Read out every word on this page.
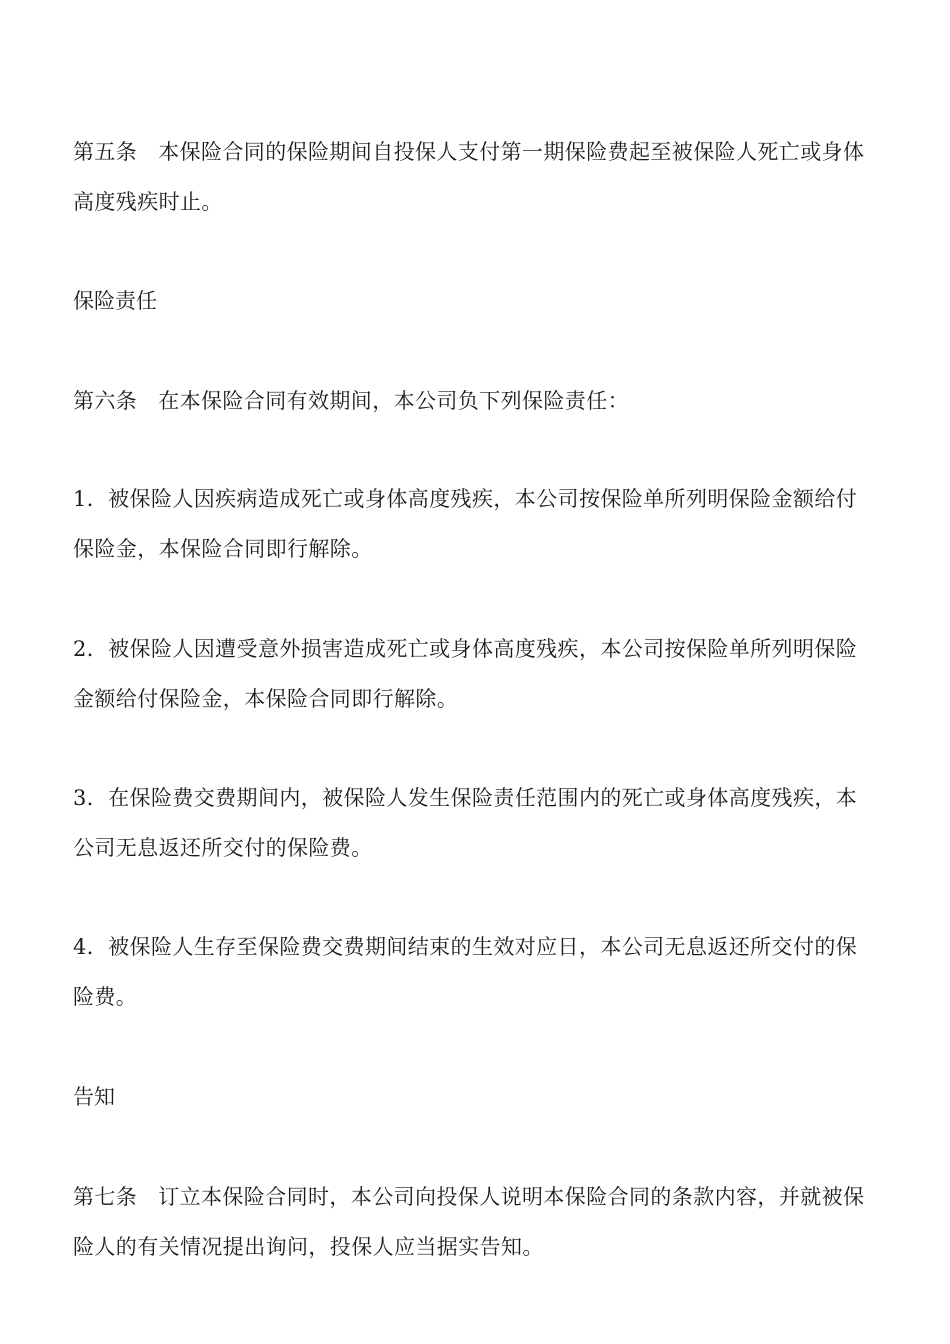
第五条 本保险合同的保险期间自投保人支付第一期保险费起至被保险人死亡或身体高度残疾时止。

保险责任

第六条 在本保险合同有效期间，本公司负下列保险责任：

1．被保险人因疾病造成死亡或身体高度残疾，本公司按保险单所列明保险金额给付保险金，本保险合同即行解除。

2．被保险人因遭受意外损害造成死亡或身体高度残疾，本公司按保险单所列明保险金额给付保险金，本保险合同即行解除。

3．在保险费交费期间内，被保险人发生保险责任范围内的死亡或身体高度残疾，本公司无息返还所交付的保险费。

4．被保险人生存至保险费交费期间结束的生效对应日，本公司无息返还所交付的保险费。

告知

第七条 订立本保险合同时，本公司向投保人说明本保险合同的条款内容，并就被保险人的有关情况提出询问，投保人应当据实告知。
